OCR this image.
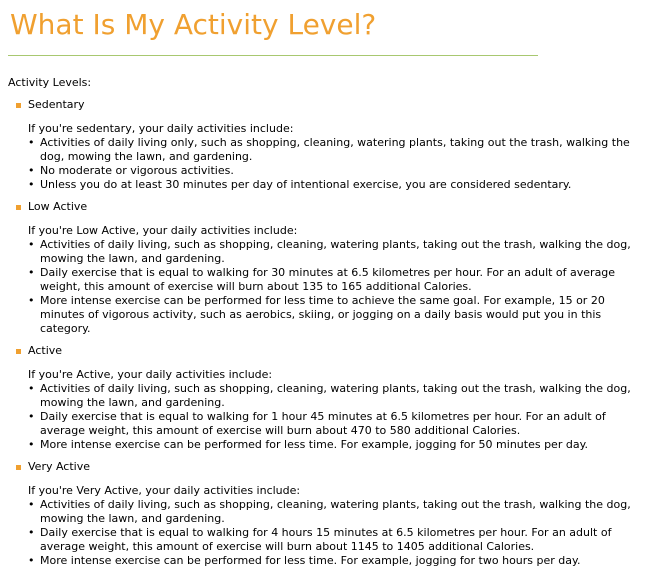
What Is My Activity Level?

Activity Levels:

Sedentary

If you're sedentary, your daily activities include:

• Activities of daily living only, such as shopping, cleaning, watering plants, taking out the trash, walking the dog, mowing the lawn, and gardening.

• No moderate or vigorous activities.

• Unless you do at least 30 minutes per day of intentional exercise, you are considered sedentary.

Low Active

If you're Low Active, your daily activities include:

• Activities of daily living, such as shopping, cleaning, watering plants, taking out the trash, walking the dog, mowing the lawn, and gardening.

• Daily exercise that is equal to walking for 30 minutes at 6.5 kilometres per hour. For an adult of average weight, this amount of exercise will burn about 135 to 165 additional Calories.

• More intense exercise can be performed for less time to achieve the same goal. For example, 15 or 20 minutes of vigorous activity, such as aerobics, skiing, or jogging on a daily basis would put you in this category.

Active

If you're Active, your daily activities include:

• Activities of daily living, such as shopping, cleaning, watering plants, taking out the trash, walking the dog, mowing the lawn, and gardening.

• Daily exercise that is equal to walking for 1 hour 45 minutes at 6.5 kilometres per hour. For an adult of average weight, this amount of exercise will burn about 470 to 580 additional Calories.

• More intense exercise can be performed for less time. For example, jogging for 50 minutes per day.

Very Active

If you're Very Active, your daily activities include:

• Activities of daily living, such as shopping, cleaning, watering plants, taking out the trash, walking the dog, mowing the lawn, and gardening.

• Daily exercise that is equal to walking for 4 hours 15 minutes at 6.5 kilometres per hour. For an adult of average weight, this amount of exercise will burn about 1145 to 1405 additional Calories.

• More intense exercise can be performed for less time. For example, jogging for two hours per day.
